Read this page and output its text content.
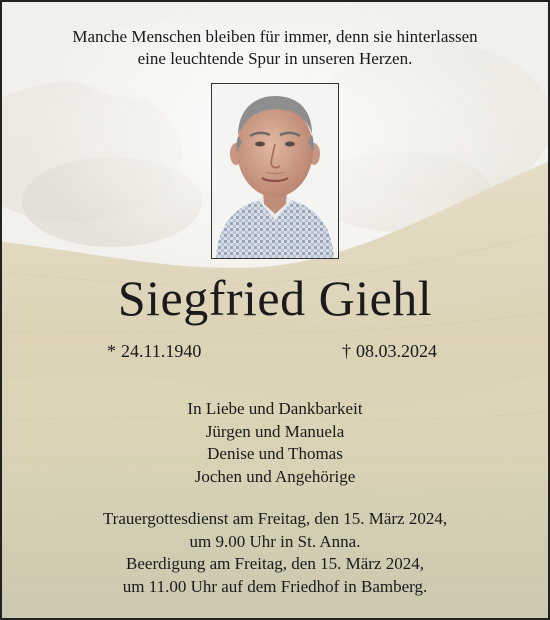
Manche Menschen bleiben für immer, denn sie hinterlassen
eine leuchtende Spur in unseren Herzen.
Siegfried Giehl
* 24.11.1940	† 08.03.2024
In Liebe und Dankbarkeit
Jürgen und Manuela
Denise und Thomas
Jochen und Angehörige
Trauergottesdienst am Freitag, den 15. März 2024,
um 9.00 Uhr in St. Anna.
Beerdigung am Freitag, den 15. März 2024,
um 11.00 Uhr auf dem Friedhof in Bamberg.
